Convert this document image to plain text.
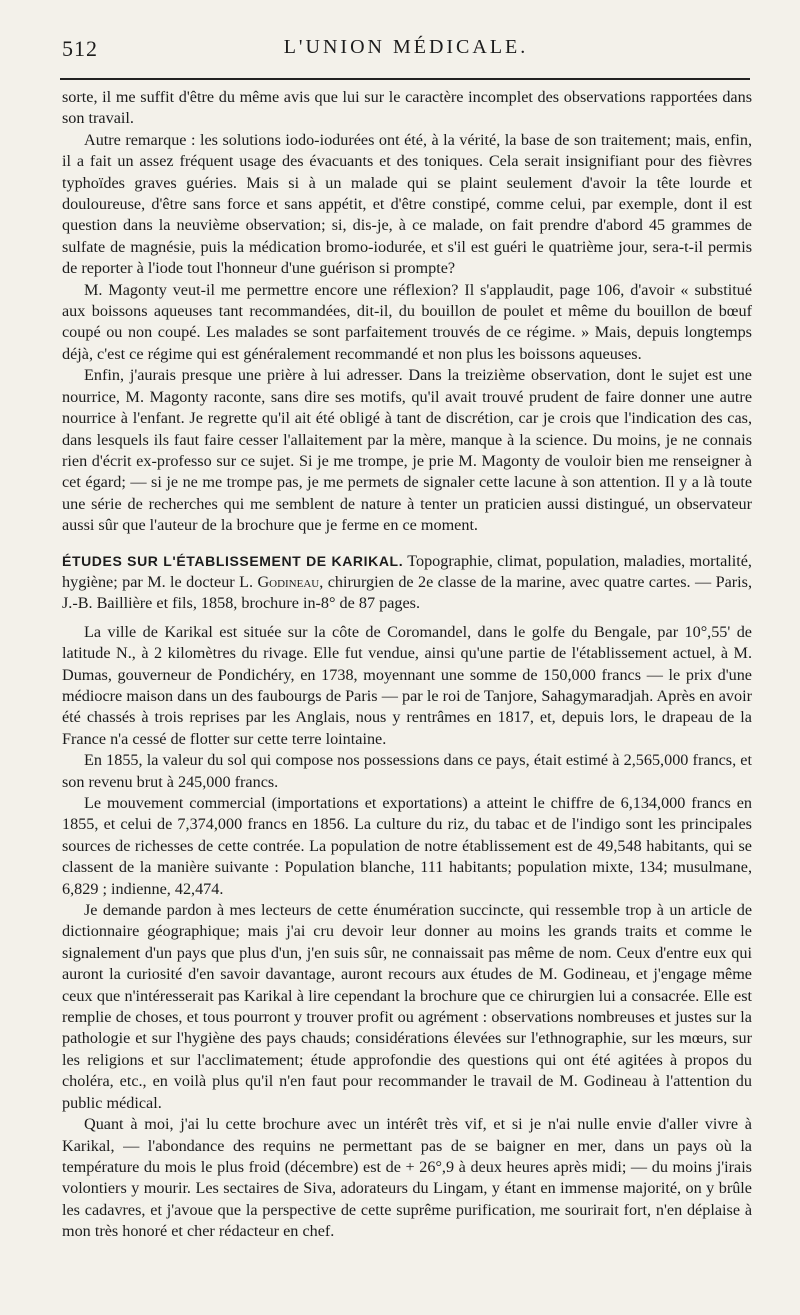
L'UNION MÉDICALE.
512

sorte, il me suffit d'être du même avis que lui sur le caractère incomplet des observations rapportées dans son travail.

Autre remarque : les solutions iodo-iodurées ont été, à la vérité, la base de son traitement; mais, enfin, il a fait un assez fréquent usage des évacuants et des toniques. Cela serait insignifiant pour des fièvres typhoïdes graves guéries. Mais si à un malade qui se plaint seulement d'avoir la tête lourde et douloureuse, d'être sans force et sans appétit, et d'être constipé, comme celui, par exemple, dont il est question dans la neuvième observation; si, dis-je, à ce malade, on fait prendre d'abord 45 grammes de sulfate de magnésie, puis la médication bromo-iodurée, et s'il est guéri le quatrième jour, sera-t-il permis de reporter à l'iode tout l'honneur d'une guérison si prompte?

M. Magonty veut-il me permettre encore une réflexion? Il s'applaudit, page 106, d'avoir « substitué aux boissons aqueuses tant recommandées, dit-il, du bouillon de poulet et même du bouillon de bœuf coupé ou non coupé. Les malades se sont parfaitement trouvés de ce régime. » Mais, depuis longtemps déjà, c'est ce régime qui est généralement recommandé et non plus les boissons aqueuses.

Enfin, j'aurais presque une prière à lui adresser. Dans la treizième observation, dont le sujet est une nourrice, M. Magonty raconte, sans dire ses motifs, qu'il avait trouvé prudent de faire donner une autre nourrice à l'enfant. Je regrette qu'il ait été obligé à tant de discrétion, car je crois que l'indication des cas, dans lesquels ils faut faire cesser l'allaitement par la mère, manque à la science. Du moins, je ne connais rien d'écrit ex-professo sur ce sujet. Si je me trompe, je prie M. Magonty de vouloir bien me renseigner à cet égard; — si je ne me trompe pas, je me permets de signaler cette lacune à son attention. Il y a là toute une série de recherches qui me semblent de nature à tenter un praticien aussi distingué, un observateur aussi sûr que l'auteur de la brochure que je ferme en ce moment.

ÉTUDES SUR L'ÉTABLISSEMENT DE KARIKAL. Topographie, climat, population, maladies, mortalité, hygiène; par M. le docteur L. Godineau, chirurgien de 2e classe de la marine, avec quatre cartes. — Paris, J.-B. Baillière et fils, 1858, brochure in-8° de 87 pages.

La ville de Karikal est située sur la côte de Coromandel, dans le golfe du Bengale, par 10°,55' de latitude N., à 2 kilomètres du rivage. Elle fut vendue, ainsi qu'une partie de l'établissement actuel, à M. Dumas, gouverneur de Pondichéry, en 1738, moyennant une somme de 150,000 francs — le prix d'une médiocre maison dans un des faubourgs de Paris — par le roi de Tanjore, Sahagymaradjah. Après en avoir été chassés à trois reprises par les Anglais, nous y rentrâmes en 1817, et, depuis lors, le drapeau de la France n'a cessé de flotter sur cette terre lointaine.

En 1855, la valeur du sol qui compose nos possessions dans ce pays, était estimé à 2,565,000 francs, et son revenu brut à 245,000 francs.

Le mouvement commercial (importations et exportations) a atteint le chiffre de 6,134,000 francs en 1855, et celui de 7,374,000 francs en 1856. La culture du riz, du tabac et de l'indigo sont les principales sources de richesses de cette contrée. La population de notre établissement est de 49,548 habitants, qui se classent de la manière suivante : Population blanche, 111 habitants; population mixte, 134; musulmane, 6,829 ; indienne, 42,474.

Je demande pardon à mes lecteurs de cette énumération succincte, qui ressemble trop à un article de dictionnaire géographique; mais j'ai cru devoir leur donner au moins les grands traits et comme le signalement d'un pays que plus d'un, j'en suis sûr, ne connaissait pas même de nom. Ceux d'entre eux qui auront la curiosité d'en savoir davantage, auront recours aux études de M. Godineau, et j'engage même ceux que n'intéresserait pas Karikal à lire cependant la brochure que ce chirurgien lui a consacrée. Elle est remplie de choses, et tous pourront y trouver profit ou agrément : observations nombreuses et justes sur la pathologie et sur l'hygiène des pays chauds; considérations élevées sur l'ethnographie, sur les mœurs, sur les religions et sur l'acclimatement; étude approfondie des questions qui ont été agitées à propos du choléra, etc., en voilà plus qu'il n'en faut pour recommander le travail de M. Godineau à l'attention du public médical.

Quant à moi, j'ai lu cette brochure avec un intérêt très vif, et si je n'ai nulle envie d'aller vivre à Karikal, — l'abondance des requins ne permettant pas de se baigner en mer, dans un pays où la température du mois le plus froid (décembre) est de + 26°,9 à deux heures après midi; — du moins j'irais volontiers y mourir. Les sectaires de Siva, adorateurs du Lingam, y étant en immense majorité, on y brûle les cadavres, et j'avoue que la perspective de cette suprême purification, me sourirait fort, n'en déplaise à mon très honoré et cher rédacteur en chef.
